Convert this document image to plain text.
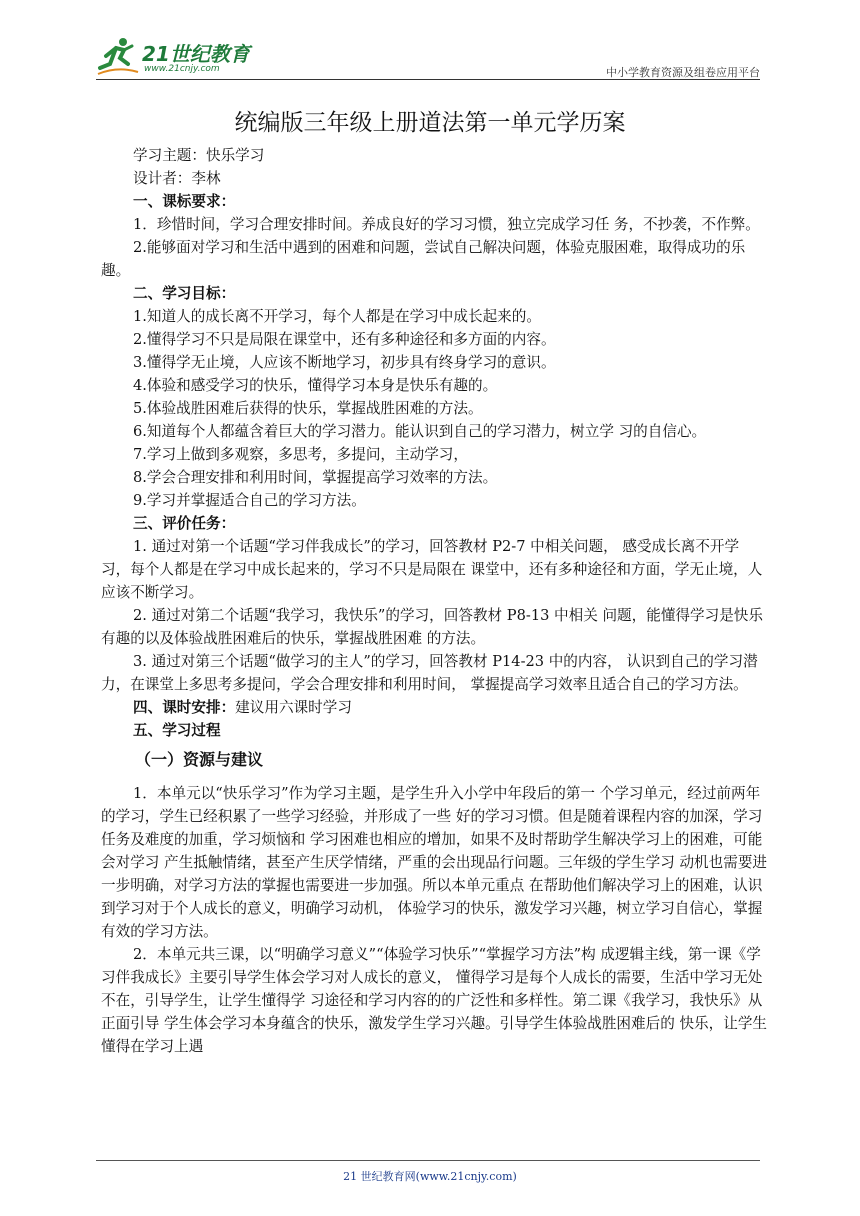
21世纪教育
www.21cnjy.com	中小学教育资源及组卷应用平台
统编版三年级上册道法第一单元学历案

学习主题：快乐学习

设计者：李林

一、课标要求：

1．珍惜时间，学习合理安排时间。养成良好的学习习惯，独立完成学习任 务，不抄袭，不作弊。

2.能够面对学习和生活中遇到的困难和问题，尝试自己解决问题，体验克服困难，取得成功的乐趣。

二、学习目标：

1.知道人的成长离不开学习，每个人都是在学习中成长起来的。

2.懂得学习不只是局限在课堂中，还有多种途径和多方面的内容。

3.懂得学无止境，人应该不断地学习，初步具有终身学习的意识。

4.体验和感受学习的快乐，懂得学习本身是快乐有趣的。

5.体验战胜困难后获得的快乐，掌握战胜困难的方法。

6.知道每个人都蕴含着巨大的学习潜力。能认识到自己的学习潜力，树立学 习的自信心。

7.学习上做到多观察，多思考，多提问，主动学习，

8.学会合理安排和利用时间，掌握提高学习效率的方法。

9.学习并掌握适合自己的学习方法。

三、评价任务：

1. 通过对第一个话题“学习伴我成长”的学习，回答教材 P2-7 中相关问题， 感受成长离不开学习，每个人都是在学习中成长起来的，学习不只是局限在 课堂中，还有多种途径和方面，学无止境，人应该不断学习。

2. 通过对第二个话题“我学习，我快乐”的学习，回答教材 P8-13 中相关 问题，能懂得学习是快乐有趣的以及体验战胜困难后的快乐，掌握战胜困难 的方法。

3. 通过对第三个话题“做学习的主人”的学习，回答教材 P14-23 中的内容， 认识到自己的学习潜力，在课堂上多思考多提问，学会合理安排和利用时间， 掌握提高学习效率且适合自己的学习方法。

四、课时安排：建议用六课时学习

五、学习过程

（一）资源与建议

1．本单元以“快乐学习”作为学习主题，是学生升入小学中年段后的第一 个学习单元，经过前两年的学习，学生已经积累了一些学习经验，并形成了一些 好的学习习惯。但是随着课程内容的加深，学习任务及难度的加重，学习烦恼和 学习困难也相应的增加，如果不及时帮助学生解决学习上的困难，可能会对学习 产生抵触情绪，甚至产生厌学情绪，严重的会出现品行问题。三年级的学生学习 动机也需要进一步明确，对学习方法的掌握也需要进一步加强。所以本单元重点 在帮助他们解决学习上的困难，认识到学习对于个人成长的意义，明确学习动机， 体验学习的快乐，激发学习兴趣，树立学习自信心，掌握有效的学习方法。

2．本单元共三课，以“明确学习意义”“体验学习快乐”“掌握学习方法”构 成逻辑主线，第一课《学习伴我成长》主要引导学生体会学习对人成长的意义， 懂得学习是每个人成长的需要，生活中学习无处不在，引导学生，让学生懂得学 习途径和学习内容的的广泛性和多样性。第二课《我学习，我快乐》从正面引导 学生体会学习本身蕴含的快乐，激发学生学习兴趣。引导学生体验战胜困难后的 快乐，让学生懂得在学习上遇

21 世纪教育网(www.21cnjy.com)
